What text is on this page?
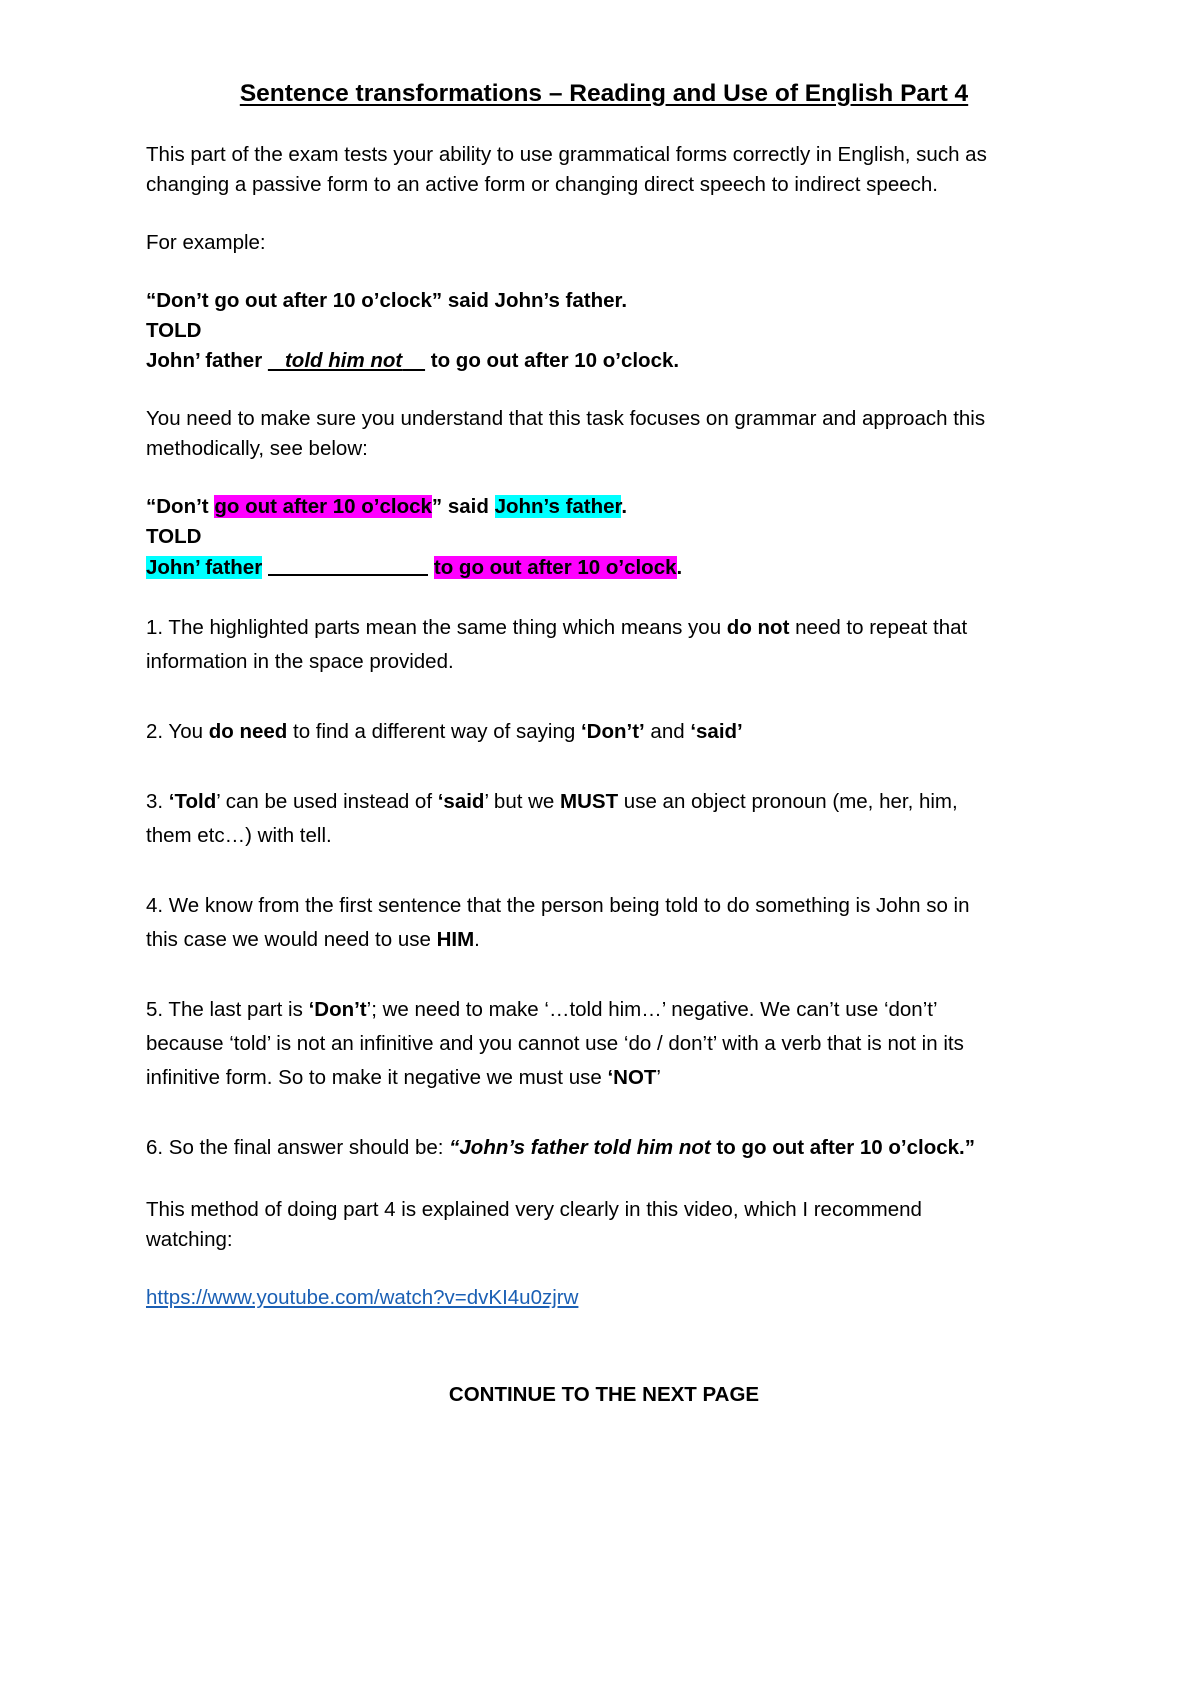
Sentence transformations – Reading and Use of English Part 4

This part of the exam tests your ability to use grammatical forms correctly in English, such as
changing a passive form to an active form or changing direct speech to indirect speech.

For example:

“Don’t go out after 10 o’clock” said John’s father.

TOLD

John’ father    told him not     to go out after 10 o’clock.

You need to make sure you understand that this task focuses on grammar and approach this
methodically, see below:

“Don’t go out after 10 o’clock” said John’s father.

TOLD

John’ father	to go out after 10 o’clock.

1. The highlighted parts mean the same thing which means you do not need to repeat that
information in the space provided.

2. You do need to find a different way of saying ‘Don’t’ and ‘said’

3. ‘Told’ can be used instead of ‘said’ but we MUST use an object pronoun (me, her, him,
them etc…) with tell.

4. We know from the first sentence that the person being told to do something is John so in
this case we would need to use HIM.

5. The last part is ‘Don’t’; we need to make ‘…told him…’ negative. We can’t use ‘don’t’
because ‘told’ is not an infinitive and you cannot use ‘do / don’t’ with a verb that is not in its
infinitive form. So to make it negative we must use ‘NOT’

6. So the final answer should be: “John’s father told him not to go out after 10 o’clock.”

This method of doing part 4 is explained very clearly in this video, which I recommend
watching:

https://www.youtube.com/watch?v=dvKI4u0zjrw

CONTINUE TO THE NEXT PAGE
